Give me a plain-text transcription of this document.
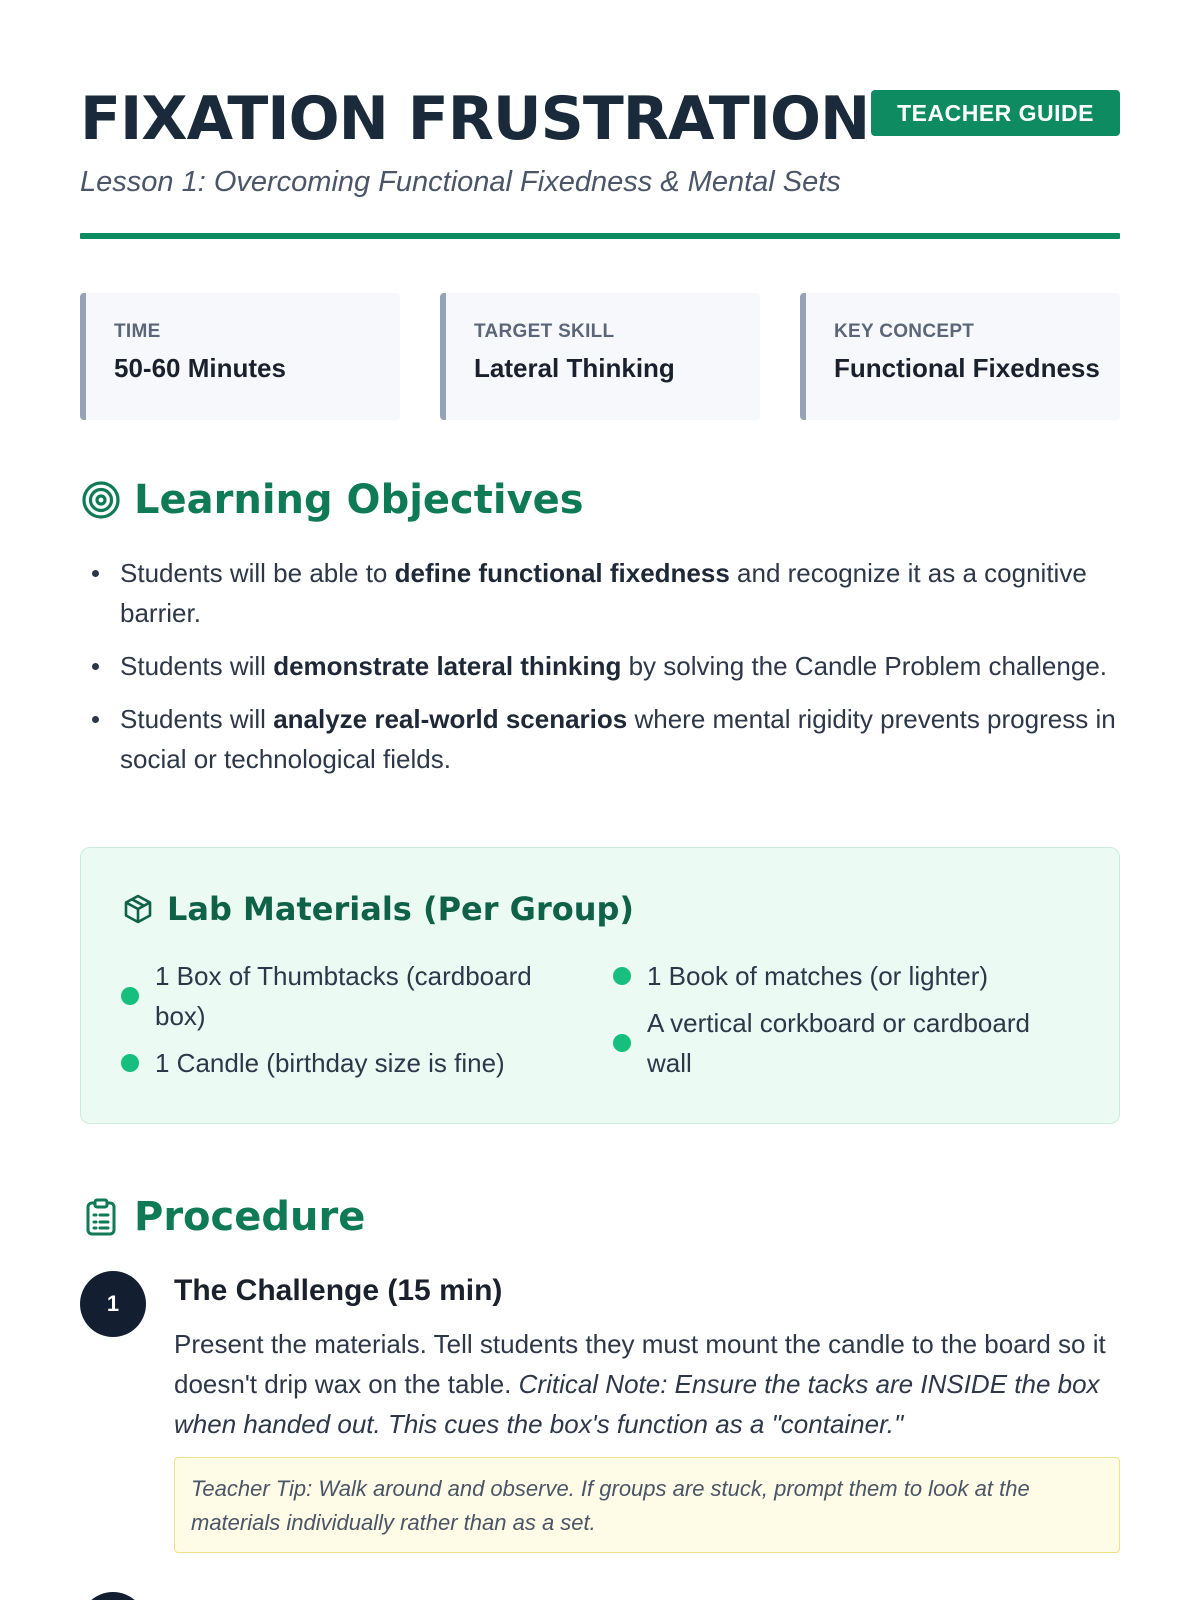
FIXATION FRUSTRATION	TEACHER GUIDE
Lesson 1: Overcoming Functional Fixedness & Mental Sets
TIME
50-60 Minutes
TARGET SKILL
Lateral Thinking
KEY CONCEPT
Functional Fixedness
Learning Objectives
Students will be able to define functional fixedness and recognize it as a cognitive barrier.
Students will demonstrate lateral thinking by solving the Candle Problem challenge.
Students will analyze real-world scenarios where mental rigidity prevents progress in social or technological fields.
Lab Materials (Per Group)
1 Box of Thumbtacks (cardboard box)
1 Candle (birthday size is fine)
1 Book of matches (or lighter)
A vertical corkboard or cardboard wall
Procedure
1	The Challenge (15 min)
Present the materials. Tell students they must mount the candle to the board so it doesn't drip wax on the table. Critical Note: Ensure the tacks are INSIDE the box when handed out. This cues the box's function as a "container."
Teacher Tip: Walk around and observe. If groups are stuck, prompt them to look at the materials individually rather than as a set.
